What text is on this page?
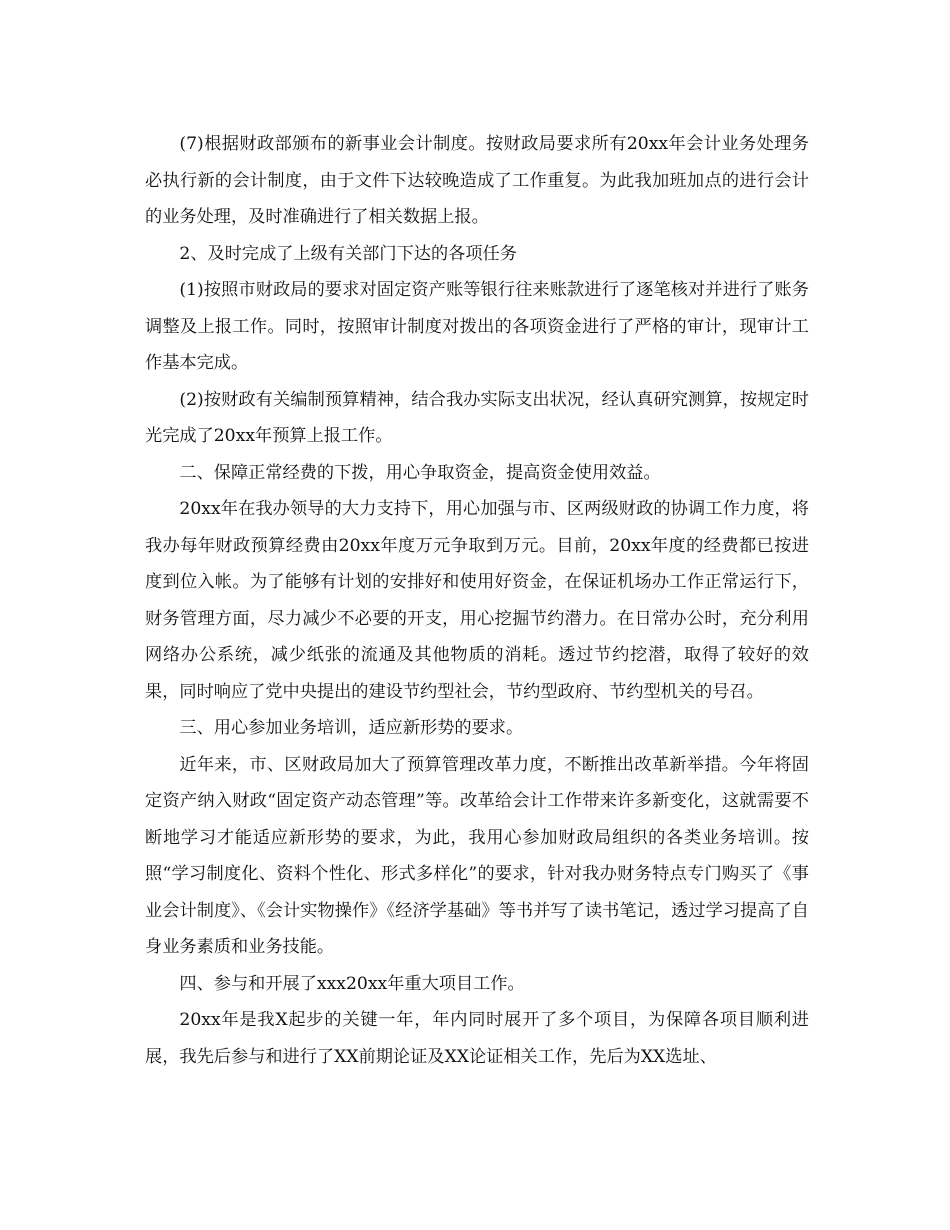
(7)根据财政部颁布的新事业会计制度。按财政局要求所有20xx年会计业务处理务必执行新的会计制度，由于文件下达较晚造成了工作重复。为此我加班加点的进行会计的业务处理，及时准确进行了相关数据上报。

2、及时完成了上级有关部门下达的各项任务

(1)按照市财政局的要求对固定资产账等银行往来账款进行了逐笔核对并进行了账务调整及上报工作。同时，按照审计制度对拨出的各项资金进行了严格的审计，现审计工作基本完成。

(2)按财政有关编制预算精神，结合我办实际支出状况，经认真研究测算，按规定时光完成了20xx年预算上报工作。

二、保障正常经费的下拨，用心争取资金，提高资金使用效益。

20xx年在我办领导的大力支持下，用心加强与市、区两级财政的协调工作力度，将我办每年财政预算经费由20xx年度万元争取到万元。目前，20xx年度的经费都已按进度到位入帐。为了能够有计划的安排好和使用好资金，在保证机场办工作正常运行下，财务管理方面，尽力减少不必要的开支，用心挖掘节约潜力。在日常办公时，充分利用网络办公系统，减少纸张的流通及其他物质的消耗。透过节约挖潜，取得了较好的效果，同时响应了党中央提出的建设节约型社会，节约型政府、节约型机关的号召。

三、用心参加业务培训，适应新形势的要求。

近年来，市、区财政局加大了预算管理改革力度，不断推出改革新举措。今年将固定资产纳入财政“固定资产动态管理”等。改革给会计工作带来许多新变化，这就需要不断地学习才能适应新形势的要求，为此，我用心参加财政局组织的各类业务培训。按照“学习制度化、资料个性化、形式多样化”的要求，针对我办财务特点专门购买了《事业会计制度》、《会计实物操作》《经济学基础》等书并写了读书笔记，透过学习提高了自身业务素质和业务技能。

四、参与和开展了xxx20xx年重大项目工作。

20xx年是我X起步的关键一年，年内同时展开了多个项目，为保障各项目顺利进展，我先后参与和进行了XX前期论证及XX论证相关工作，先后为XX选址、
